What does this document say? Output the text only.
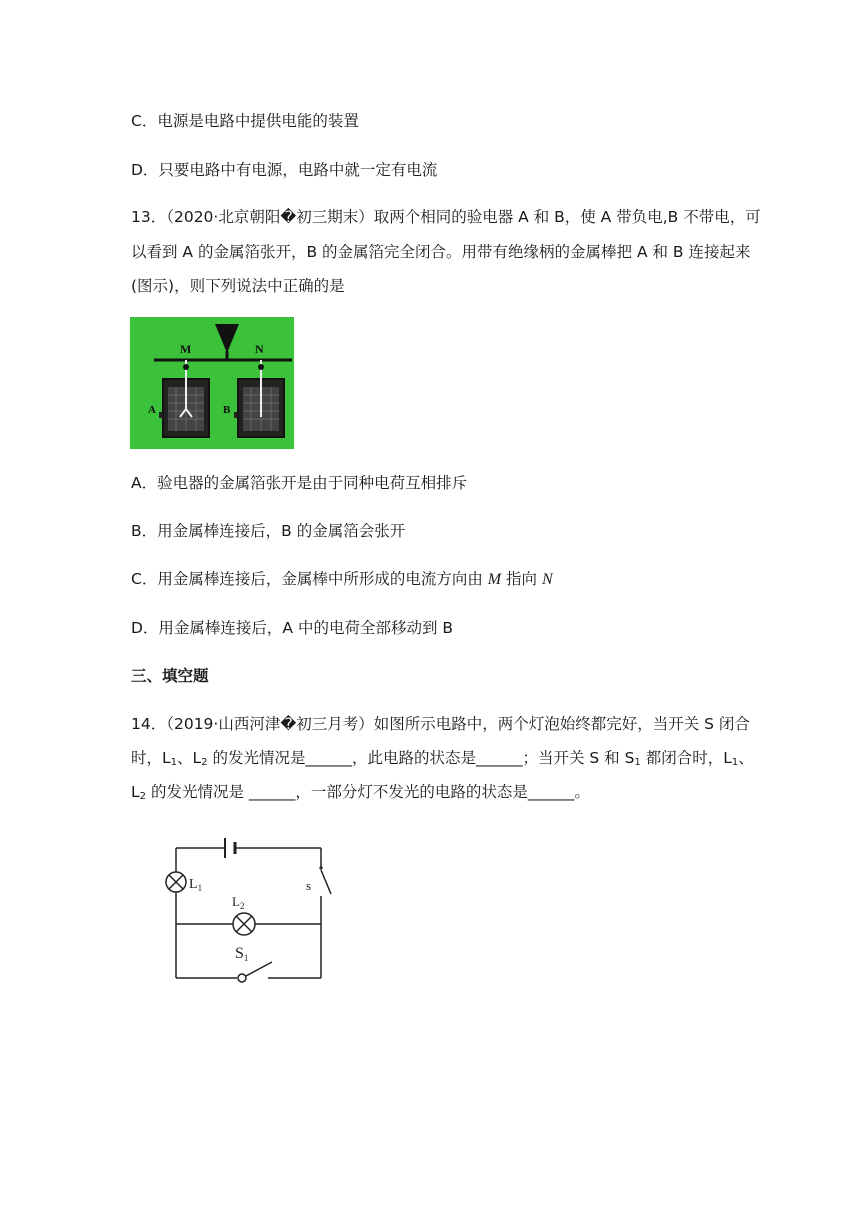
C．电源是电路中提供电能的装置
D．只要电路中有电源，电路中就一定有电流
13．（2020·北京朝阳�初三期末）取两个相同的验电器 A 和 B，使 A 带负电,B 不带电，可
以看到 A 的金属箔张开，B 的金属箔完全闭合。用带有绝缘柄的金属棒把 A 和 B 连接起来
(图示)，则下列说法中正确的是
M	N
A	B
A．验电器的金属箔张开是由于同种电荷互相排斥
B．用金属棒连接后，B 的金属箔会张开
C．用金属棒连接后，金属棒中所形成的电流方向由 M 指向 N
D．用金属棒连接后，A 中的电荷全部移动到 B
三、填空题
14．（2019·山西河津�初三月考）如图所示电路中，两个灯泡始终都完好，当开关 S 闭合
时，$L_1$、$L_2$ 的发光情况是______，此电路的状态是______；当开关 S 和 $S_1$ 都闭合时，$L_1$、
$L_2$ 的发光情况是 ______，一部分灯不发光的电路的状态是______。
$L_1$
$L_2$
s
S1
